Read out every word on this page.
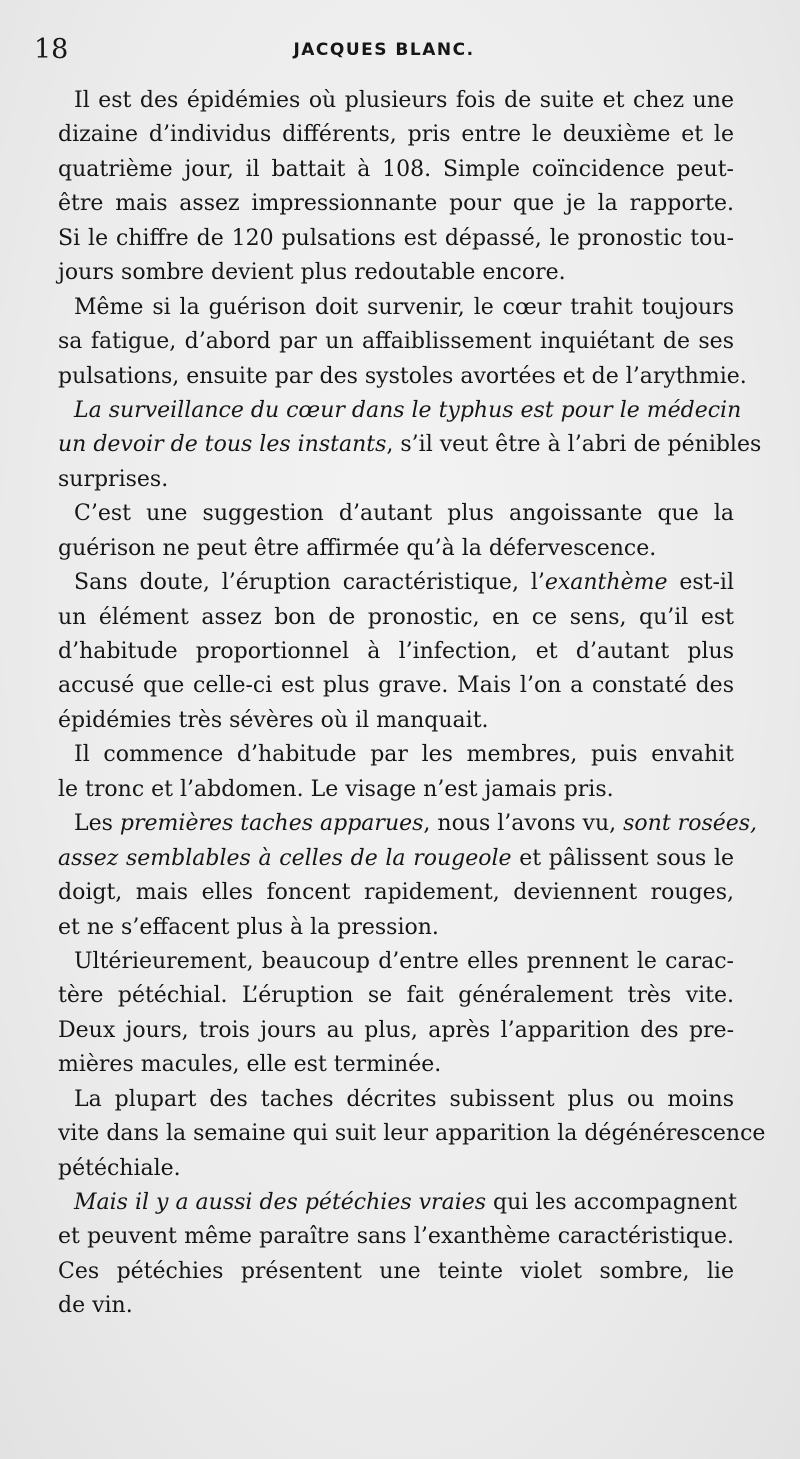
18	JACQUES BLANC.
Il est des épidémies où plusieurs fois de suite et chez une
dizaine d’individus différents, pris entre le deuxième et le
quatrième jour, il battait à 108. Simple coïncidence peut-
être mais assez impressionnante pour que je la rapporte.
Si le chiffre de 120 pulsations est dépassé, le pronostic tou-
jours sombre devient plus redoutable encore.
Même si la guérison doit survenir, le cœur trahit toujours
sa fatigue, d’abord par un affaiblissement inquiétant de ses
pulsations, ensuite par des systoles avortées et de l’arythmie.
La surveillance du cœur dans le typhus est pour le médecin
un devoir de tous les instants, s’il veut être à l’abri de pénibles
surprises.
C’est une suggestion d’autant plus angoissante que la
guérison ne peut être affirmée qu’à la défervescence.
Sans doute, l’éruption caractéristique, l’exanthème est-il
un élément assez bon de pronostic, en ce sens, qu’il est
d’habitude proportionnel à l’infection, et d’autant plus
accusé que celle-ci est plus grave. Mais l’on a constaté des
épidémies très sévères où il manquait.
Il commence d’habitude par les membres, puis envahit
le tronc et l’abdomen. Le visage n’est jamais pris.
Les premières taches apparues, nous l’avons vu, sont rosées,
assez semblables à celles de la rougeole et pâlissent sous le
doigt, mais elles foncent rapidement, deviennent rouges,
et ne s’effacent plus à la pression.
Ultérieurement, beaucoup d’entre elles prennent le carac-
tère pétéchial. L’éruption se fait généralement très vite.
Deux jours, trois jours au plus, après l’apparition des pre-
mières macules, elle est terminée.
La plupart des taches décrites subissent plus ou moins
vite dans la semaine qui suit leur apparition la dégénérescence
pétéchiale.
Mais il y a aussi des pétéchies vraies qui les accompagnent
et peuvent même paraître sans l’exanthème caractéristique.
Ces pétéchies présentent une teinte violet sombre, lie
de vin.
